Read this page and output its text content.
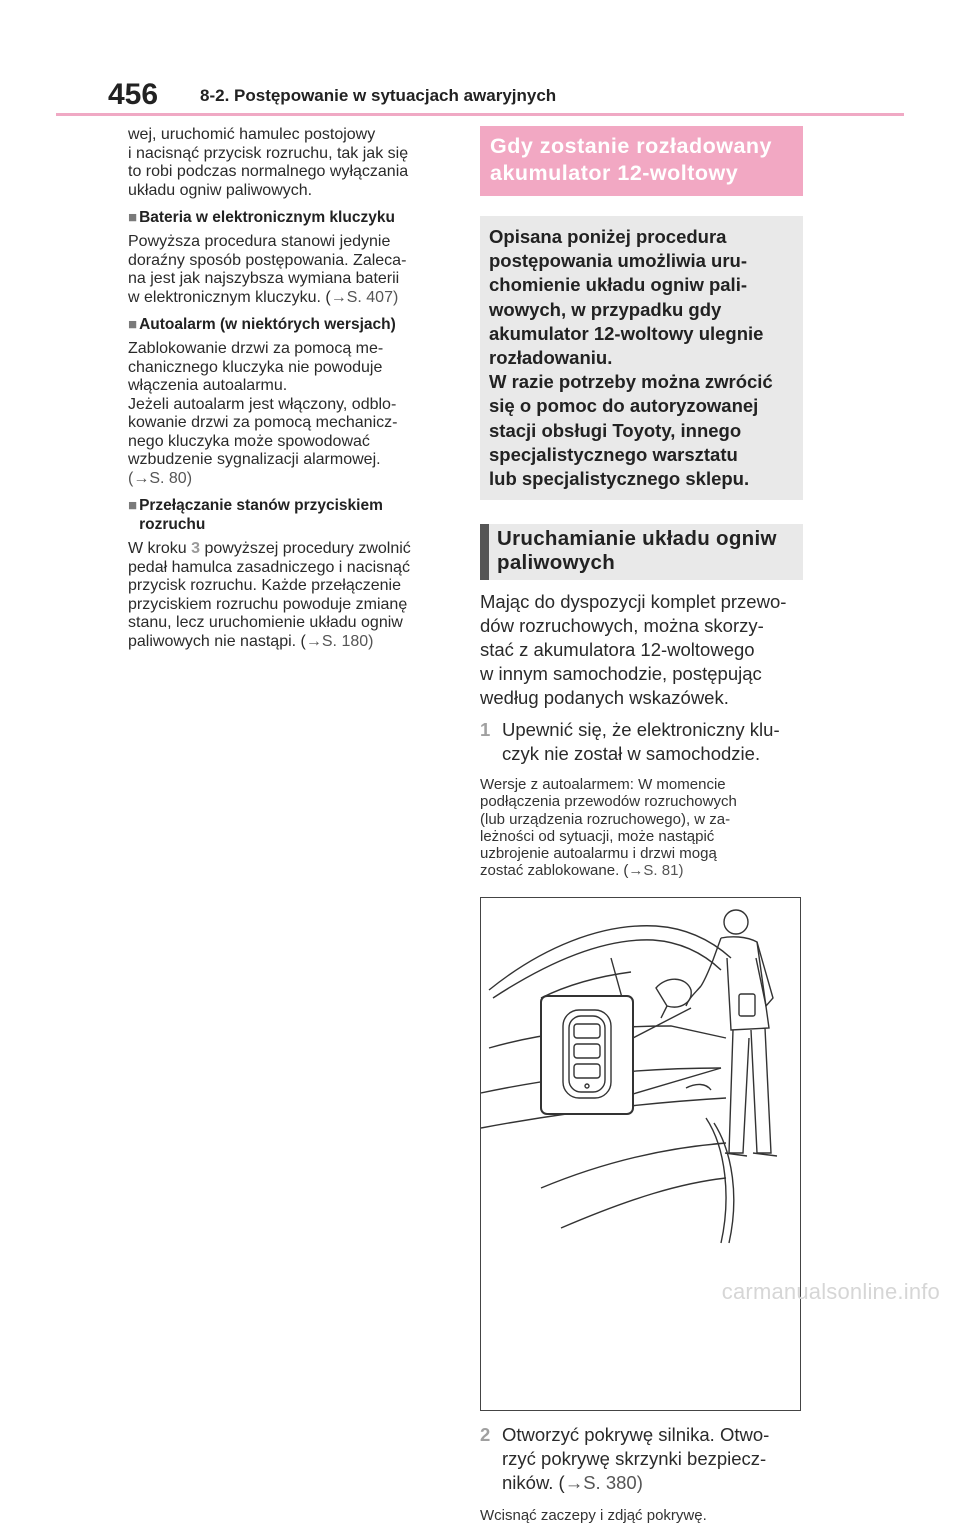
456 8-2. Postępowanie w sytuacjach awaryjnych

wej, uruchomić hamulec postojowy
i nacisnąć przycisk rozruchu, tak jak się
to robi podczas normalnego wyłączania
układu ogniw paliwowych.

■ Bateria w elektronicznym kluczyku

Powyższa procedura stanowi jedynie
doraźny sposób postępowania. Zaleca-
na jest jak najszybsza wymiana baterii
w elektronicznym kluczyku. (→S. 407)

■ Autoalarm (w niektórych wersjach)

Zablokowanie drzwi za pomocą me-
chanicznego kluczyka nie powoduje
włączenia autoalarmu.
Jeżeli autoalarm jest włączony, odblo-
kowanie drzwi za pomocą mechanicz-
nego kluczyka może spowodować
wzbudzenie sygnalizacji alarmowej.
(→S. 80)

■ Przełączanie stanów przyciskiem
rozruchu

W kroku 3 powyższej procedury zwolnić
pedał hamulca zasadniczego i nacisnąć
przycisk rozruchu. Każde przełączenie
przyciskiem rozruchu powoduje zmianę
stanu, lecz uruchomienie układu ogniw
paliwowych nie nastąpi. (→S. 180)

Gdy zostanie rozładowany
akumulator 12-woltowy
Opisana poniżej procedura
postępowania umożliwia uru-
chomienie układu ogniw pali-
wowych, w przypadku gdy
akumulator 12-woltowy ulegnie
rozładowaniu.
W razie potrzeby można zwrócić
się o pomoc do autoryzowanej
stacji obsługi Toyoty, innego
specjalistycznego warsztatu
lub specjalistycznego sklepu.
Uruchamianie układu ogniw
paliwowych

Mając do dyspozycji komplet przewo-
dów rozruchowych, można skorzy-
stać z akumulatora 12-woltowego
w innym samochodzie, postępując
według podanych wskazówek.

1 Upewnić się, że elektroniczny klu-
czyk nie został w samochodzie.
Wersje z autoalarmem: W momencie
podłączenia przewodów rozruchowych
(lub urządzenia rozruchowego), w za-
leżności od sytuacji, może nastąpić
uzbrojenie autoalarmu i drzwi mogą
zostać zablokowane. (→S. 81)
2 Otworzyć pokrywę silnika. Otwo-
rzyć pokrywę skrzynki bezpiecz-
ników. (→S. 380)
Wcisnąć zaczepy i zdjąć pokrywę.
carmanualsonline.info
